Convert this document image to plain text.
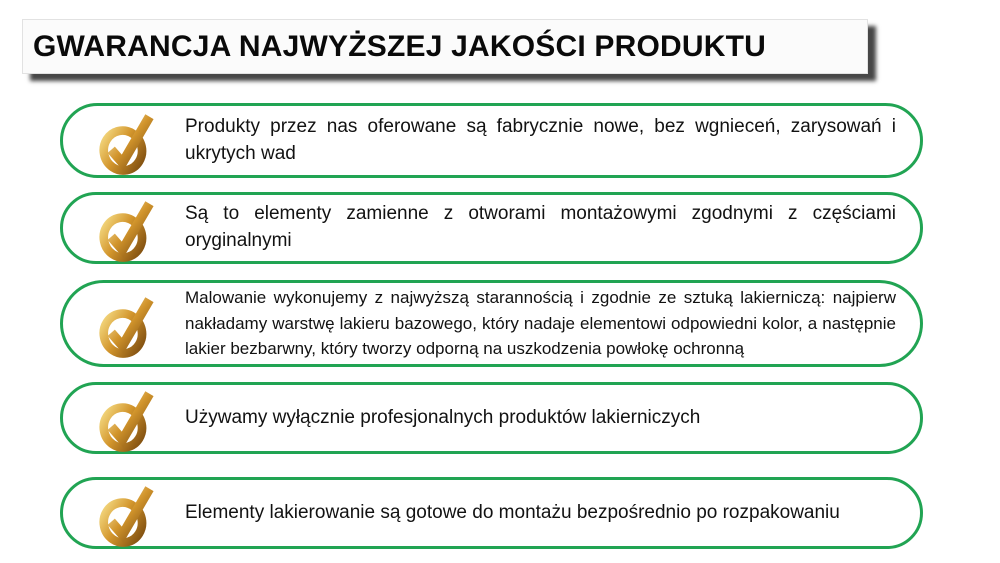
GWARANCJA NAJWYŻSZEJ JAKOŚCI PRODUKTU

Produkty przez nas oferowane są fabrycznie nowe, bez wgnieceń, zarysowań i ukrytych wad

Są to elementy zamienne z otworami montażowymi zgodnymi z częściami oryginalnymi

Malowanie wykonujemy z najwyższą starannością i zgodnie ze sztuką lakierniczą: najpierw nakładamy warstwę lakieru bazowego, który nadaje elementowi odpowiedni kolor, a następnie lakier bezbarwny, który tworzy odporną na uszkodzenia powłokę ochronną

Używamy wyłącznie profesjonalnych produktów lakierniczych

Elementy lakierowanie są gotowe do montażu bezpośrednio po rozpakowaniu
